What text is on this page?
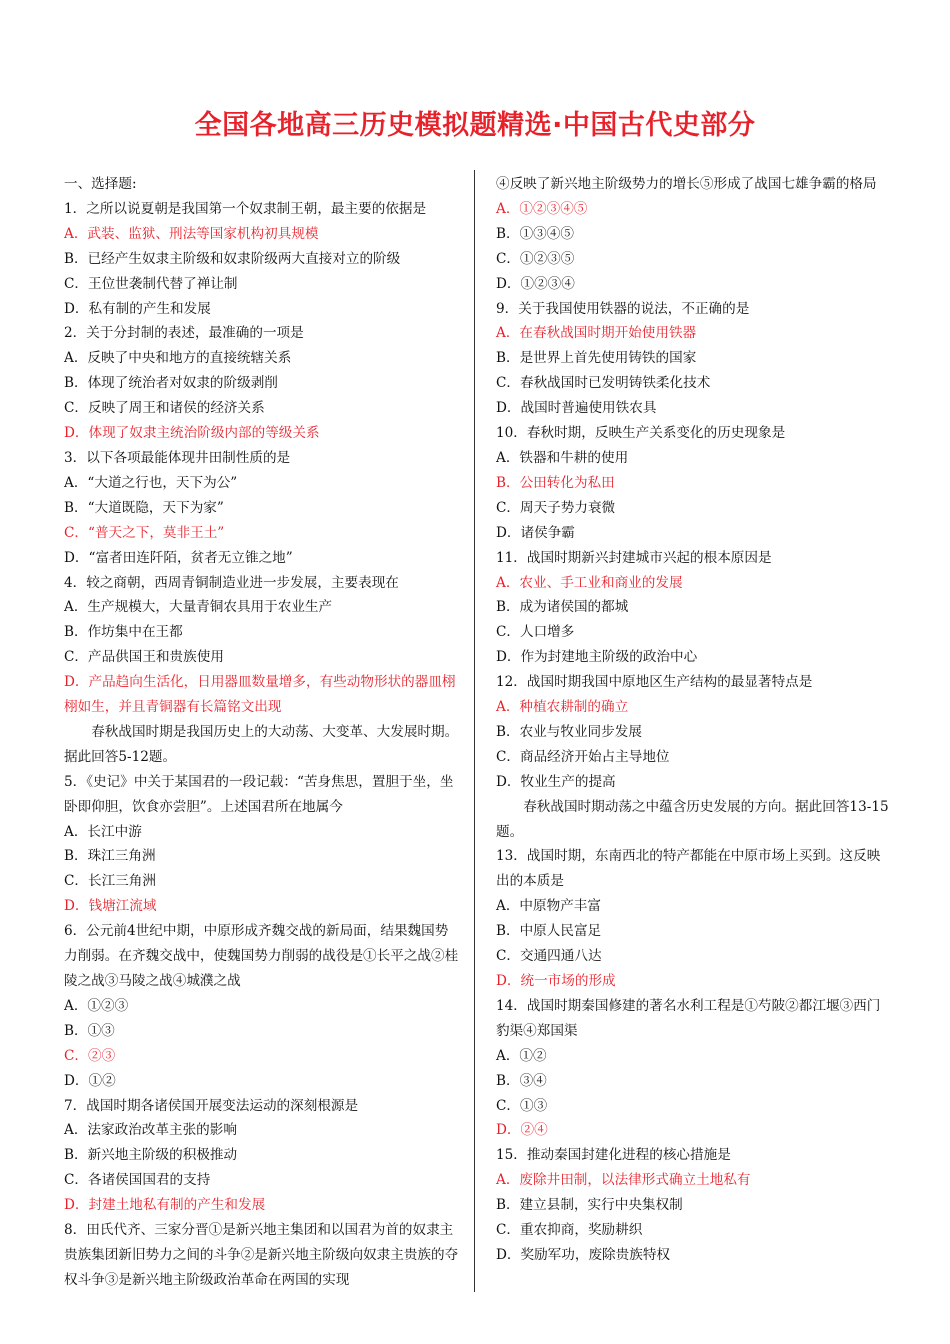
全国各地高三历史模拟题精选·中国古代史部分
一、选择题:
1．之所以说夏朝是我国第一个奴隶制王朝，最主要的依据是
A．武装、监狱、刑法等国家机构初具规模
B．已经产生奴隶主阶级和奴隶阶级两大直接对立的阶级
C．王位世袭制代替了禅让制
D．私有制的产生和发展
2．关于分封制的表述，最准确的一项是
A．反映了中央和地方的直接统辖关系
B．体现了统治者对奴隶的阶级剥削
C．反映了周王和诸侯的经济关系
D．体现了奴隶主统治阶级内部的等级关系
3．以下各项最能体现井田制性质的是
A．“大道之行也，天下为公”
B．“大道既隐，天下为家”
C．“普天之下，莫非王土”
D．“富者田连阡陌，贫者无立锥之地”
4．较之商朝，西周青铜制造业进一步发展，主要表现在
A．生产规模大，大量青铜农具用于农业生产
B．作坊集中在王都
C．产品供国王和贵族使用
D．产品趋向生活化，日用器皿数量增多，有些动物形状的器皿栩栩如生，并且青铜器有长篇铭文出现
春秋战国时期是我国历史上的大动荡、大变革、大发展时期。据此回答5-12题。
5．《史记》中关于某国君的一段记载：“苦身焦思，置胆于坐，坐卧即仰胆，饮食亦尝胆”。上述国君所在地属今
A．长江中游
B．珠江三角洲
C．长江三角洲
D．钱塘江流域
6．公元前4世纪中期，中原形成齐魏交战的新局面，结果魏国势力削弱。在齐魏交战中，使魏国势力削弱的战役是①长平之战②桂陵之战③马陵之战④城濮之战
A．①②③
B．①③
C．②③
D．①②
7．战国时期各诸侯国开展变法运动的深刻根源是
A．法家政治改革主张的影响
B．新兴地主阶级的积极推动
C．各诸侯国国君的支持
D．封建土地私有制的产生和发展
8．田氏代齐、三家分晋①是新兴地主集团和以国君为首的奴隶主贵族集团新旧势力之间的斗争②是新兴地主阶级向奴隶主贵族的夺权斗争③是新兴地主阶级政治革命在两国的实现
④反映了新兴地主阶级势力的增长⑤形成了战国七雄争霸的格局
A．①②③④⑤
B．①③④⑤
C．①②③⑤
D．①②③④
9．关于我国使用铁器的说法，不正确的是
A．在春秋战国时期开始使用铁器
B．是世界上首先使用铸铁的国家
C．春秋战国时已发明铸铁柔化技术
D．战国时普遍使用铁农具
10．春秋时期，反映生产关系变化的历史现象是
A．铁器和牛耕的使用
B．公田转化为私田
C．周天子势力衰微
D．诸侯争霸
11．战国时期新兴封建城市兴起的根本原因是
A．农业、手工业和商业的发展
B．成为诸侯国的都城
C．人口增多
D．作为封建地主阶级的政治中心
12．战国时期我国中原地区生产结构的最显著特点是
A．种植农耕制的确立
B．农业与牧业同步发展
C．商品经济开始占主导地位
D．牧业生产的提高
春秋战国时期动荡之中蕴含历史发展的方向。据此回答13-15题。
13．战国时期，东南西北的特产都能在中原市场上买到。这反映出的本质是
A．中原物产丰富
B．中原人民富足
C．交通四通八达
D．统一市场的形成
14．战国时期秦国修建的著名水利工程是①芍陂②都江堰③西门豹渠④郑国渠
A．①②
B．③④
C．①③
D．②④
15．推动秦国封建化进程的核心措施是
A．废除井田制，以法律形式确立土地私有
B．建立县制，实行中央集权制
C．重农抑商，奖励耕织
D．奖励军功，废除贵族特权
